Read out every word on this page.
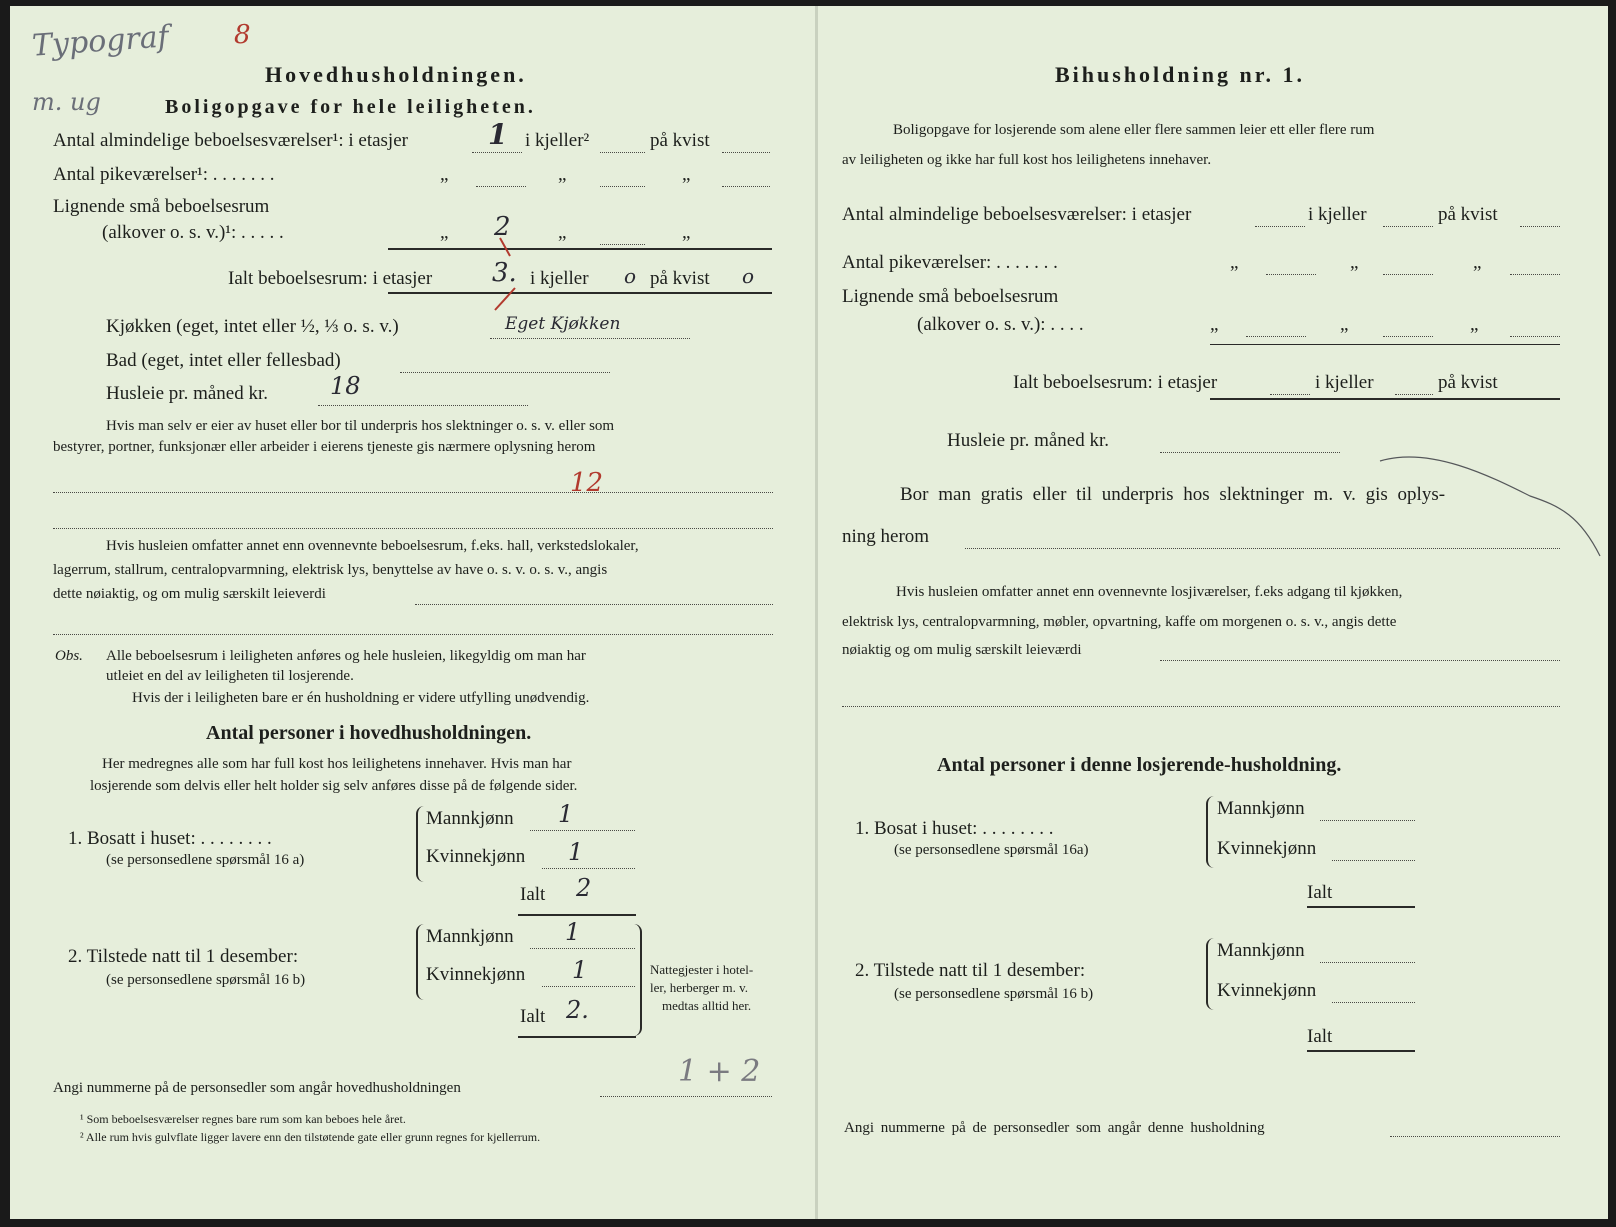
Typograf 8
m. ug
Hovedhusholdningen.
Boligopgave for hele leiligheten.
Antal almindelige beboelsesværelser¹: i etasjer	1 i kjeller²	på kvist
Antal pikeværelser¹: . . . . . . .	„	„	„
Lignende små beboelsesrum
(alkover o. s. v.)¹: . . . . .	„ 2 „	„
Ialt beboelsesrum: i etasjer 3. i kjeller o på kvist o
Kjøkken (eget, intet eller ½, ⅓ o. s. v.)	Eget Kjøkken
Bad (eget, intet eller fellesbad)
Husleie pr. måned kr.	18
Hvis man selv er eier av huset eller bor til underpris hos slektninger o. s. v. eller som
bestyrer, portner, funksjonær eller arbeider i eierens tjeneste gis nærmere oplysning herom
12
Hvis husleien omfatter annet enn ovennevnte beboelsesrum, f.eks. hall, verkstedslokaler,
lagerrum, stallrum, centralopvarmning, elektrisk lys, benyttelse av have o. s. v. o. s. v., angis
dette nøiaktig, og om mulig særskilt leieverdi
Obs. Alle beboelsesrum i leiligheten anføres og hele husleien, likegyldig om man har
utleiet en del av leiligheten til losjerende.
Hvis der i leiligheten bare er én husholdning er videre utfylling unødvendig.
Antal personer i hovedhusholdningen.
Her medregnes alle som har full kost hos leilighetens innehaver. Hvis man har
losjerende som delvis eller helt holder sig selv anføres disse på de følgende sider.
1. Bosatt i huset: . . . . . . . .
(se personsedlene spørsmål 16 a)
Mannkjønn 1
Kvinnekjønn 1
Ialt 2
2. Tilstede natt til 1 desember:
(se personsedlene spørsmål 16 b)
Mannkjønn 1
Kvinnekjønn 1
Ialt 2.
Nattegjester i hotel-
ler, herberger m. v.
medtas alltid her.
Angi nummerne på de personsedler som angår hovedhusholdningen	1 + 2
¹ Som beboelsesværelser regnes bare rum som kan beboes hele året.
² Alle rum hvis gulvflate ligger lavere enn den tilstøtende gate eller grunn regnes for kjellerrum.
Bihusholdning nr. 1.
Boligopgave for losjerende som alene eller flere sammen leier ett eller flere rum
av leiligheten og ikke har full kost hos leilighetens innehaver.
Antal almindelige beboelsesværelser: i etasjer	i kjeller	på kvist
Antal pikeværelser: . . . . . . .	„	„	„
Lignende små beboelsesrum
(alkover o. s. v.): . . . .	„	„	„
Ialt beboelsesrum: i etasjer	i kjeller	på kvist
Husleie pr. måned kr.
Bor man gratis eller til underpris hos slektninger m. v. gis oplys-
ning herom
Hvis husleien omfatter annet enn ovennevnte losjiværelser, f.eks adgang til kjøkken,
elektrisk lys, centralopvarmning, møbler, opvartning, kaffe om morgenen o. s. v., angis dette
nøiaktig og om mulig særskilt leieværdi
Antal personer i denne losjerende-husholdning.
1. Bosat i huset: . . . . . . . .
(se personsedlene spørsmål 16a)
Mannkjønn
Kvinnekjønn
Ialt
2. Tilstede natt til 1 desember:
(se personsedlene spørsmål 16 b)
Mannkjønn
Kvinnekjønn
Ialt
Angi nummerne på de personsedler som angår denne husholdning
